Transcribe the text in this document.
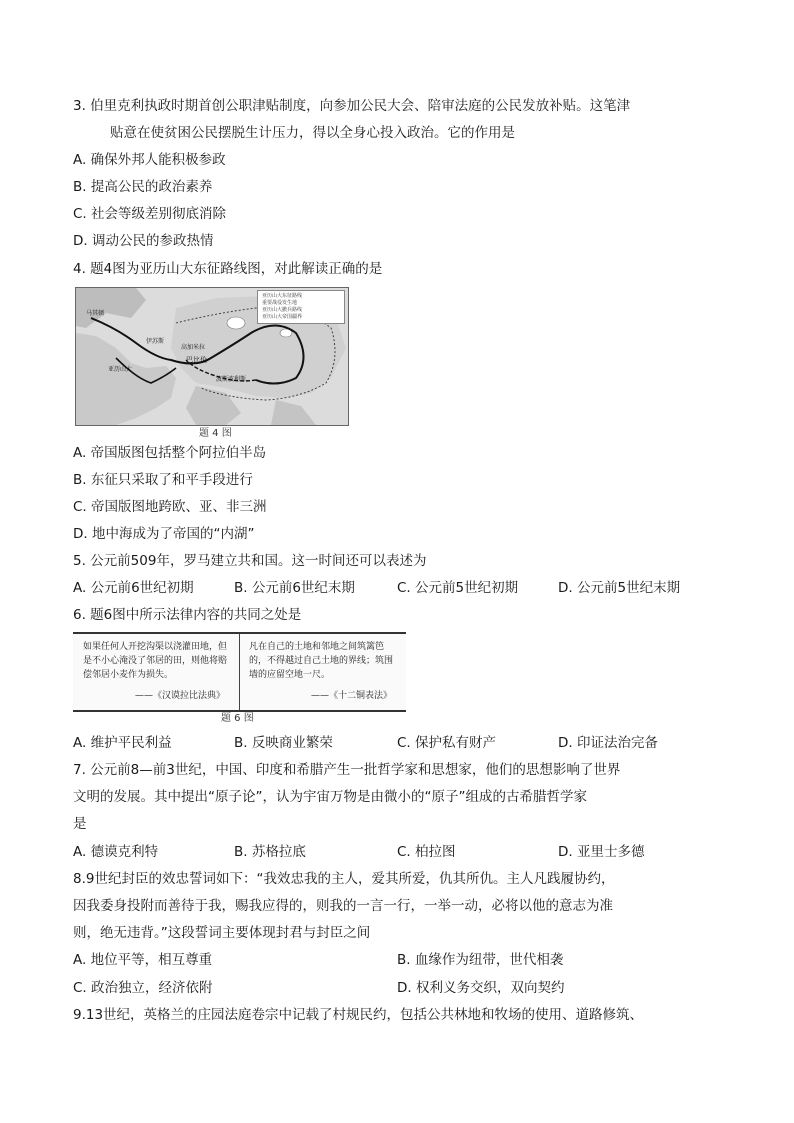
3. 伯里克利执政时期首创公职津贴制度，向参加公民大会、陪审法庭的公民发放补贴。这笔津
贴意在使贫困公民摆脱生计压力，得以全身心投入政治。它的作用是
A. 确保外邦人能积极参政
B. 提高公民的政治素养
C. 社会等级差别彻底消除
D. 调动公民的参政热情
4. 题4图为亚历山大东征路线图，对此解读正确的是
马其顿
伊苏斯
高加米拉
巴比伦
亚历山大
波斯波利斯
亚历山大东征路线
重要战役发生地
亚历山大撤兵路线
亚历山大帝国疆界
题 4 图
A. 帝国版图包括整个阿拉伯半岛
B. 东征只采取了和平手段进行
C. 帝国版图地跨欧、亚、非三洲
D. 地中海成为了帝国的“内湖”
5. 公元前509年，罗马建立共和国。这一时间还可以表述为
A. 公元前6世纪初期	B. 公元前6世纪末期	C. 公元前5世纪初期	D. 公元前5世纪末期
6. 题6图中所示法律内容的共同之处是
如果任何人开挖沟渠以浇灌田地，但是不小心淹没了邻居的田，则他将赔偿邻居小麦作为损失。
——《汉谟拉比法典》
凡在自己的土地和邻地之间筑篱笆的，不得越过自己土地的界线；筑围墙的应留空地一尺。
——《十二铜表法》
题 6 图
A. 维护平民利益	B. 反映商业繁荣	C. 保护私有财产	D. 印证法治完备
7. 公元前8—前3世纪，中国、印度和希腊产生一批哲学家和思想家，他们的思想影响了世界
文明的发展。其中提出“原子论”，认为宇宙万物是由微小的“原子”组成的古希腊哲学家
是
A. 德谟克利特	B. 苏格拉底	C. 柏拉图	D. 亚里士多德
8.9世纪封臣的效忠誓词如下：“我效忠我的主人，爱其所爱，仇其所仇。主人凡践履协约，
因我委身投附而善待于我，赐我应得的，则我的一言一行，一举一动，必将以他的意志为准
则，绝无违背。”这段誓词主要体现封君与封臣之间
A. 地位平等，相互尊重	B. 血缘作为纽带，世代相袭
C. 政治独立，经济依附	D. 权利义务交织，双向契约
9.13世纪，英格兰的庄园法庭卷宗中记载了村规民约，包括公共林地和牧场的使用、道路修筑、
